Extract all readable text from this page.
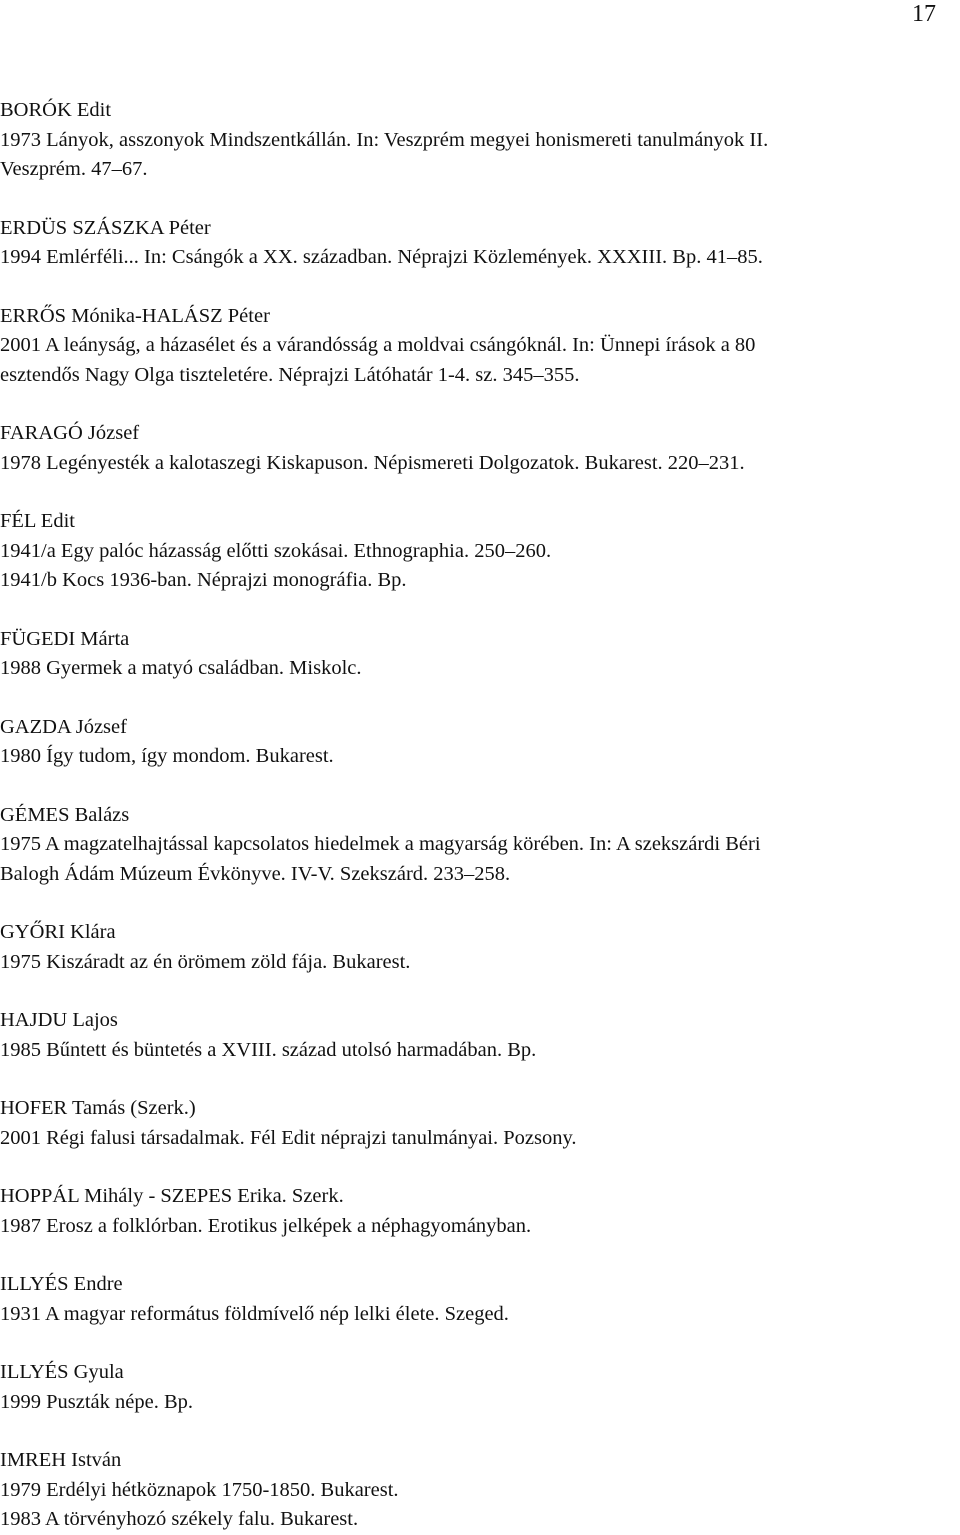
17
BORÓK Edit
1973 Lányok, asszonyok Mindszentkállán. In: Veszprém megyei honismereti tanulmányok II.
Veszprém. 47–67.
ERDÜS SZÁSZKA Péter
1994 Emlérféli... In: Csángók a XX. században. Néprajzi Közlemények. XXXIII. Bp. 41–85.
ERRŐS Mónika-HALÁSZ Péter
2001 A leányság, a házasélet és a várandósság a moldvai csángóknál. In: Ünnepi írások a 80
esztendős Nagy Olga tiszteletére. Néprajzi Látóhatár 1-4. sz. 345–355.
FARAGÓ József
1978 Legényesték a kalotaszegi Kiskapuson. Népismereti Dolgozatok. Bukarest. 220–231.
FÉL Edit
1941/a Egy palóc házasság előtti szokásai. Ethnographia. 250–260.
1941/b Kocs 1936-ban. Néprajzi monográfia. Bp.
FÜGEDI Márta
1988 Gyermek a matyó családban. Miskolc.
GAZDA József
1980 Így tudom, így mondom. Bukarest.
GÉMES Balázs
1975 A magzatelhajtással kapcsolatos hiedelmek a magyarság körében. In: A szekszárdi Béri
Balogh Ádám Múzeum Évkönyve. IV-V. Szekszárd. 233–258.
GYŐRI Klára
1975 Kiszáradt az én örömem zöld fája. Bukarest.
HAJDU Lajos
1985 Bűntett és büntetés a XVIII. század utolsó harmadában. Bp.
HOFER Tamás (Szerk.)
2001 Régi falusi társadalmak. Fél Edit néprajzi tanulmányai. Pozsony.
HOPPÁL Mihály - SZEPES Erika. Szerk.
1987 Erosz a folklórban. Erotikus jelképek a néphagyományban.
ILLYÉS Endre
1931 A magyar református földmívelő nép lelki élete. Szeged.
ILLYÉS Gyula
1999 Puszták népe. Bp.
IMREH István
1979 Erdélyi hétköznapok 1750-1850. Bukarest.
1983 A törvényhozó székely falu. Bukarest.
